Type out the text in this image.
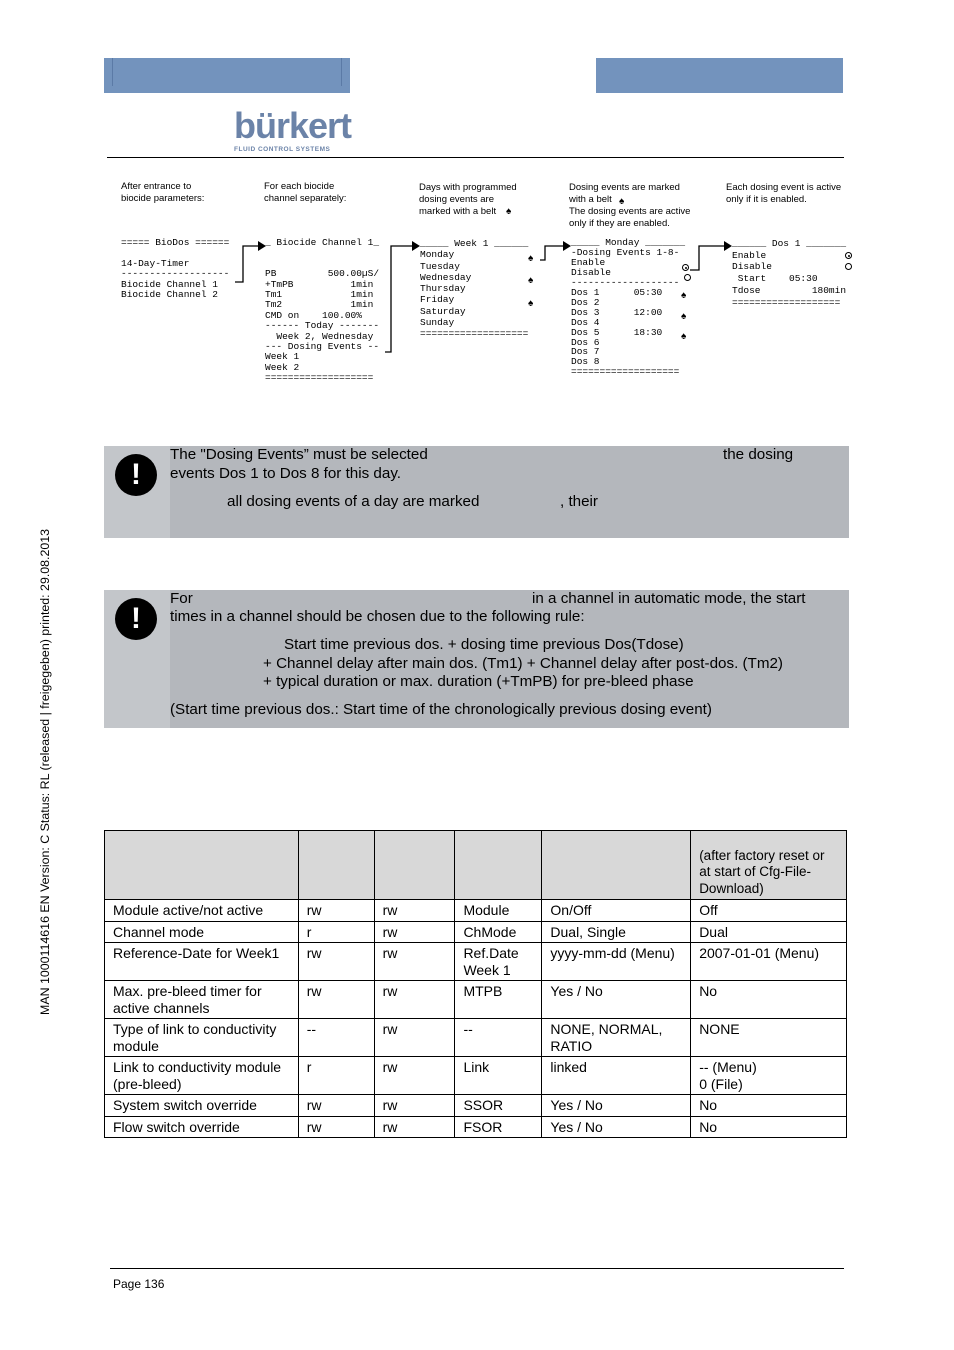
bürkert
FLUID CONTROL SYSTEMS
After entrance to
biocide parameters:
For each biocide
channel separately:
Days with programmed
dosing events are
marked with a belt ♠
Dosing events are marked
with a belt ♠
The dosing events are active
only if they are enabled.
Each dosing event is active
only if it is enabled.
===== BioDos ======

14-Day-Timer
-------------------
Biocide Channel 1
Biocide Channel 2
_ Biocide Channel 1_

PB         500.00µS/
+TmPB          1min
Tm1            1min
Tm2            1min
CMD on    100.00%
------ Today -------
Week 2, Wednesday
--- Dosing Events --
Week 1
Week 2
===================
_____ Week 1 ______
Monday
Tuesday
Wednesday
Thursday
Friday
Saturday
Sunday
===================
_____ Monday _______
-Dosing Events 1-8-
Enable
Disable
-------------------
Dos 1      05:30
Dos 2
Dos 3      12:00
Dos 4
Dos 5      18:30
Dos 6
Dos 7
Dos 8
===================
______ Dos 1 _______
Enable
Disable
Start    05:30
Tdose         180min
===================
♠
♠
♠
♠
♠
♠
!
The "Dosing Events” must be selected	the dosing
events Dos 1 to Dos 8 for this day.
all dosing events of a day are marked	, their
!
For	in a channel in automatic mode, the start
times in a channel should be chosen due to the following rule:
Start time previous dos. + dosing time previous Dos(Tdose)
+ Channel delay after main dos. (Tm1) + Channel delay after post-dos. (Tm2)
+ typical duration or max. duration (+TmPB) for pre-bleed phase
(Start time previous dos.: Start time of the chronologically previous dosing event)
					(after factory reset or at start of Cfg-File-Download)
Module active/not active	rw	rw	Module	On/Off	Off
Channel mode	r	rw	ChMode	Dual, Single	Dual
Reference-Date for Week1	rw	rw	Ref.Date Week 1	yyyy-mm-dd (Menu)	2007-01-01 (Menu)
Max. pre-bleed timer for active channels	rw	rw	MTPB	Yes / No	No
Type of link to conductivity module	--	rw	--	NONE, NORMAL, RATIO	NONE
Link to conductivity module (pre-bleed)	r	rw	Link	linked	-- (Menu)
0 (File)
System switch override	rw	rw	SSOR	Yes / No	No
Flow switch override	rw	rw	FSOR	Yes / No	No
MAN 1000114616 EN Version: C Status: RL (released | freigegeben) printed: 29.08.2013
Page 136
